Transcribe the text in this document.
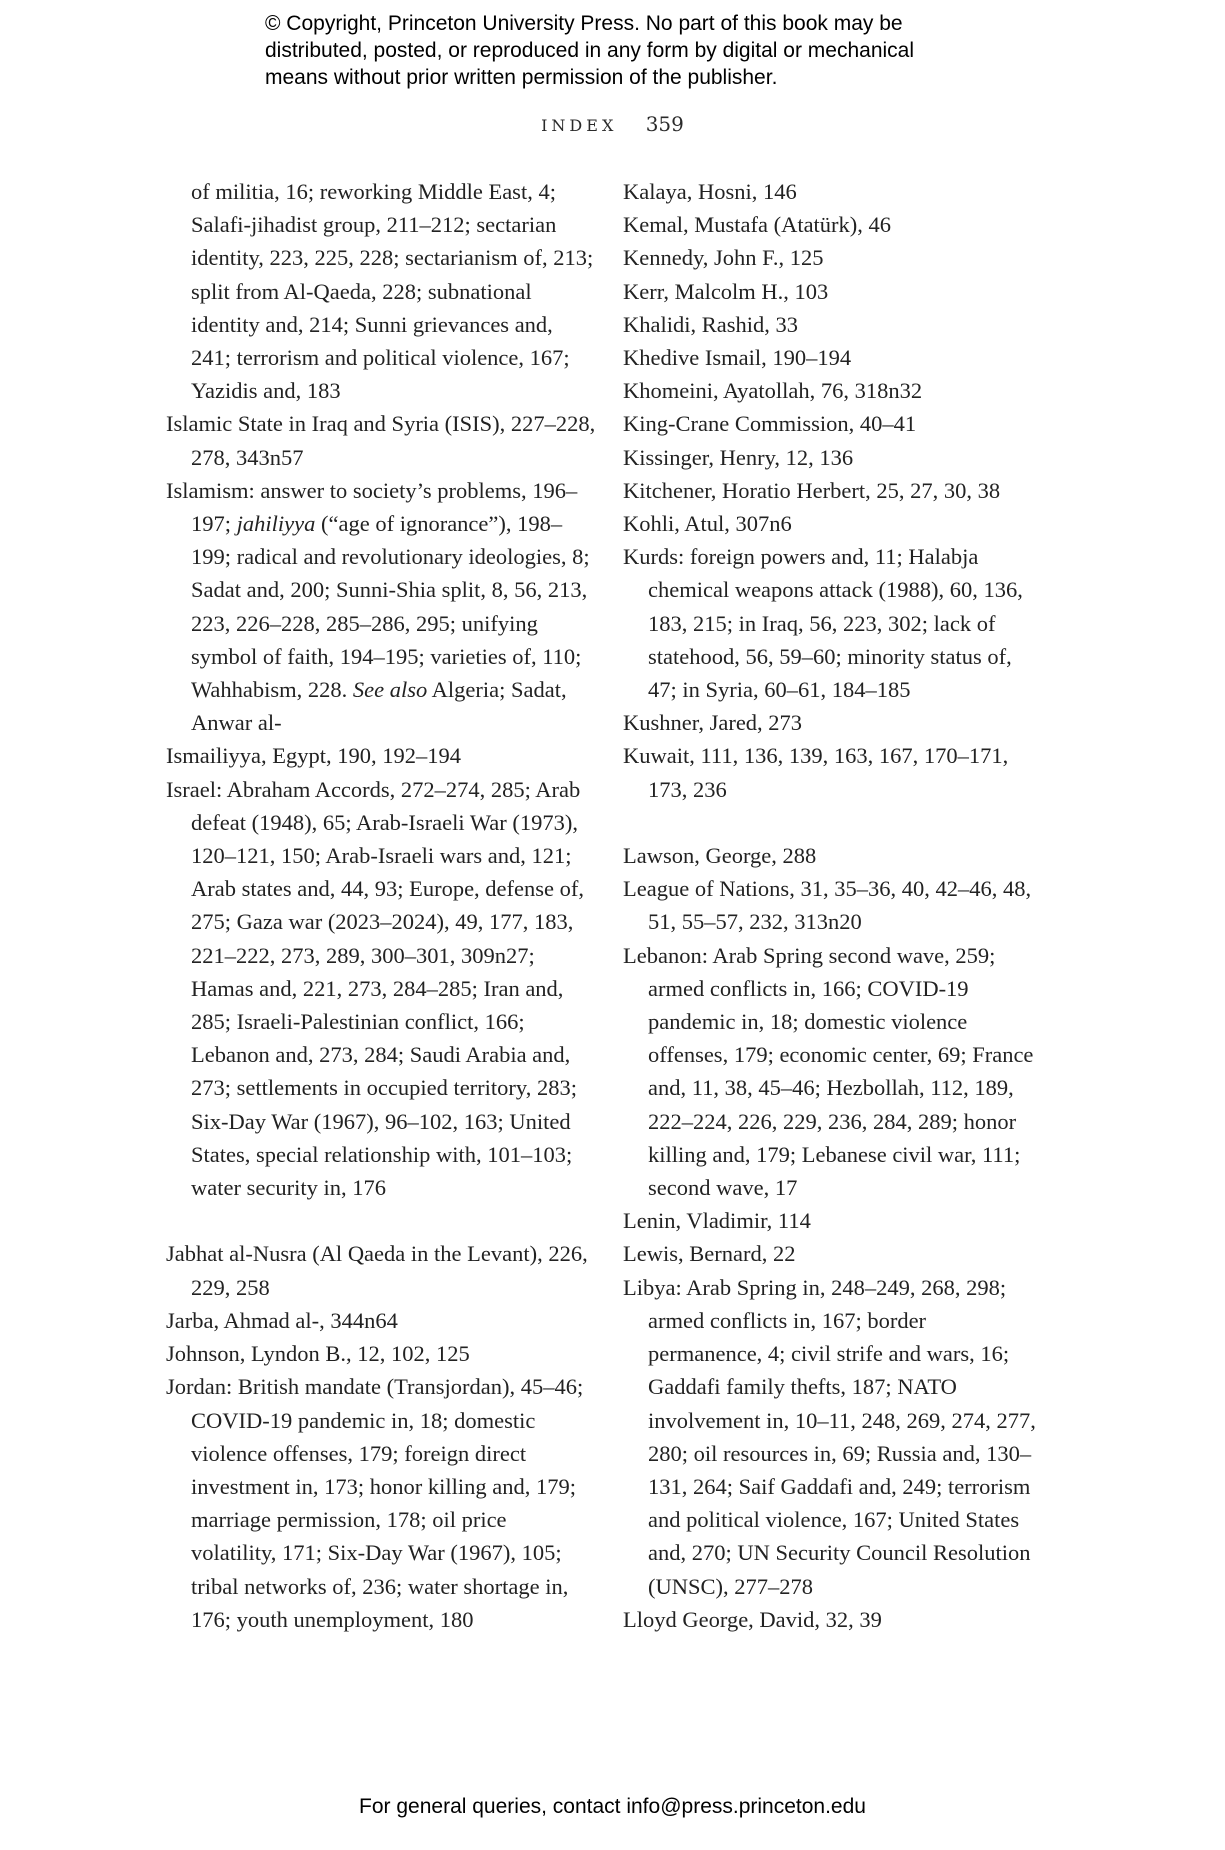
© Copyright, Princeton University Press. No part of this book may be
distributed, posted, or reproduced in any form by digital or mechanical
means without prior written permission of the publisher.
INDEX 359

of militia, 16; reworking Middle East, 4; Salafi-jihadist group, 211–212; sectarian identity, 223, 225, 228; sectarianism of, 213; split from Al-Qaeda, 228; subnational identity and, 214; Sunni grievances and, 241; terrorism and political violence, 167; Yazidis and, 183

Islamic State in Iraq and Syria (ISIS), 227–228, 278, 343n57

Islamism: answer to society’s problems, 196–197; jahiliyya (“age of ignorance”), 198–199; radical and revolutionary ideologies, 8; Sadat and, 200; Sunni-Shia split, 8, 56, 213, 223, 226–228, 285–286, 295; unifying symbol of faith, 194–195; varieties of, 110; Wahhabism, 228. See also Algeria; Sadat, Anwar al-

Ismailiyya, Egypt, 190, 192–194

Israel: Abraham Accords, 272–274, 285; Arab defeat (1948), 65; Arab-Israeli War (1973), 120–121, 150; Arab-Israeli wars and, 121; Arab states and, 44, 93; Europe, defense of, 275; Gaza war (2023–2024), 49, 177, 183, 221–222, 273, 289, 300–301, 309n27; Hamas and, 221, 273, 284–285; Iran and, 285; Israeli-Palestinian conflict, 166; Lebanon and, 273, 284; Saudi Arabia and, 273; settlements in occupied territory, 283; Six-Day War (1967), 96–102, 163; United States, special relationship with, 101–103; water security in, 176

Jabhat al-Nusra (Al Qaeda in the Levant), 226, 229, 258

Jarba, Ahmad al-, 344n64

Johnson, Lyndon B., 12, 102, 125

Jordan: British mandate (Transjordan), 45–46; COVID-19 pandemic in, 18; domestic violence offenses, 179; foreign direct investment in, 173; honor killing and, 179; marriage permission, 178; oil price volatility, 171; Six-Day War (1967), 105; tribal networks of, 236; water shortage in, 176; youth unemployment, 180

Kalaya, Hosni, 146

Kemal, Mustafa (Atatürk), 46

Kennedy, John F., 125

Kerr, Malcolm H., 103

Khalidi, Rashid, 33

Khedive Ismail, 190–194

Khomeini, Ayatollah, 76, 318n32

King-Crane Commission, 40–41

Kissinger, Henry, 12, 136

Kitchener, Horatio Herbert, 25, 27, 30, 38

Kohli, Atul, 307n6

Kurds: foreign powers and, 11; Halabja chemical weapons attack (1988), 60, 136, 183, 215; in Iraq, 56, 223, 302; lack of statehood, 56, 59–60; minority status of, 47; in Syria, 60–61, 184–185

Kushner, Jared, 273

Kuwait, 111, 136, 139, 163, 167, 170–171, 173, 236

Lawson, George, 288

League of Nations, 31, 35–36, 40, 42–46, 48, 51, 55–57, 232, 313n20

Lebanon: Arab Spring second wave, 259; armed conflicts in, 166; COVID-19 pandemic in, 18; domestic violence offenses, 179; economic center, 69; France and, 11, 38, 45–46; Hezbollah, 112, 189, 222–224, 226, 229, 236, 284, 289; honor killing and, 179; Lebanese civil war, 111; second wave, 17

Lenin, Vladimir, 114

Lewis, Bernard, 22

Libya: Arab Spring in, 248–249, 268, 298; armed conflicts in, 167; border permanence, 4; civil strife and wars, 16; Gaddafi family thefts, 187; NATO involvement in, 10–11, 248, 269, 274, 277, 280; oil resources in, 69; Russia and, 130–131, 264; Saif Gaddafi and, 249; terrorism and political violence, 167; United States and, 270; UN Security Council Resolution (UNSC), 277–278

Lloyd George, David, 32, 39

For general queries, contact info@press.princeton.edu
